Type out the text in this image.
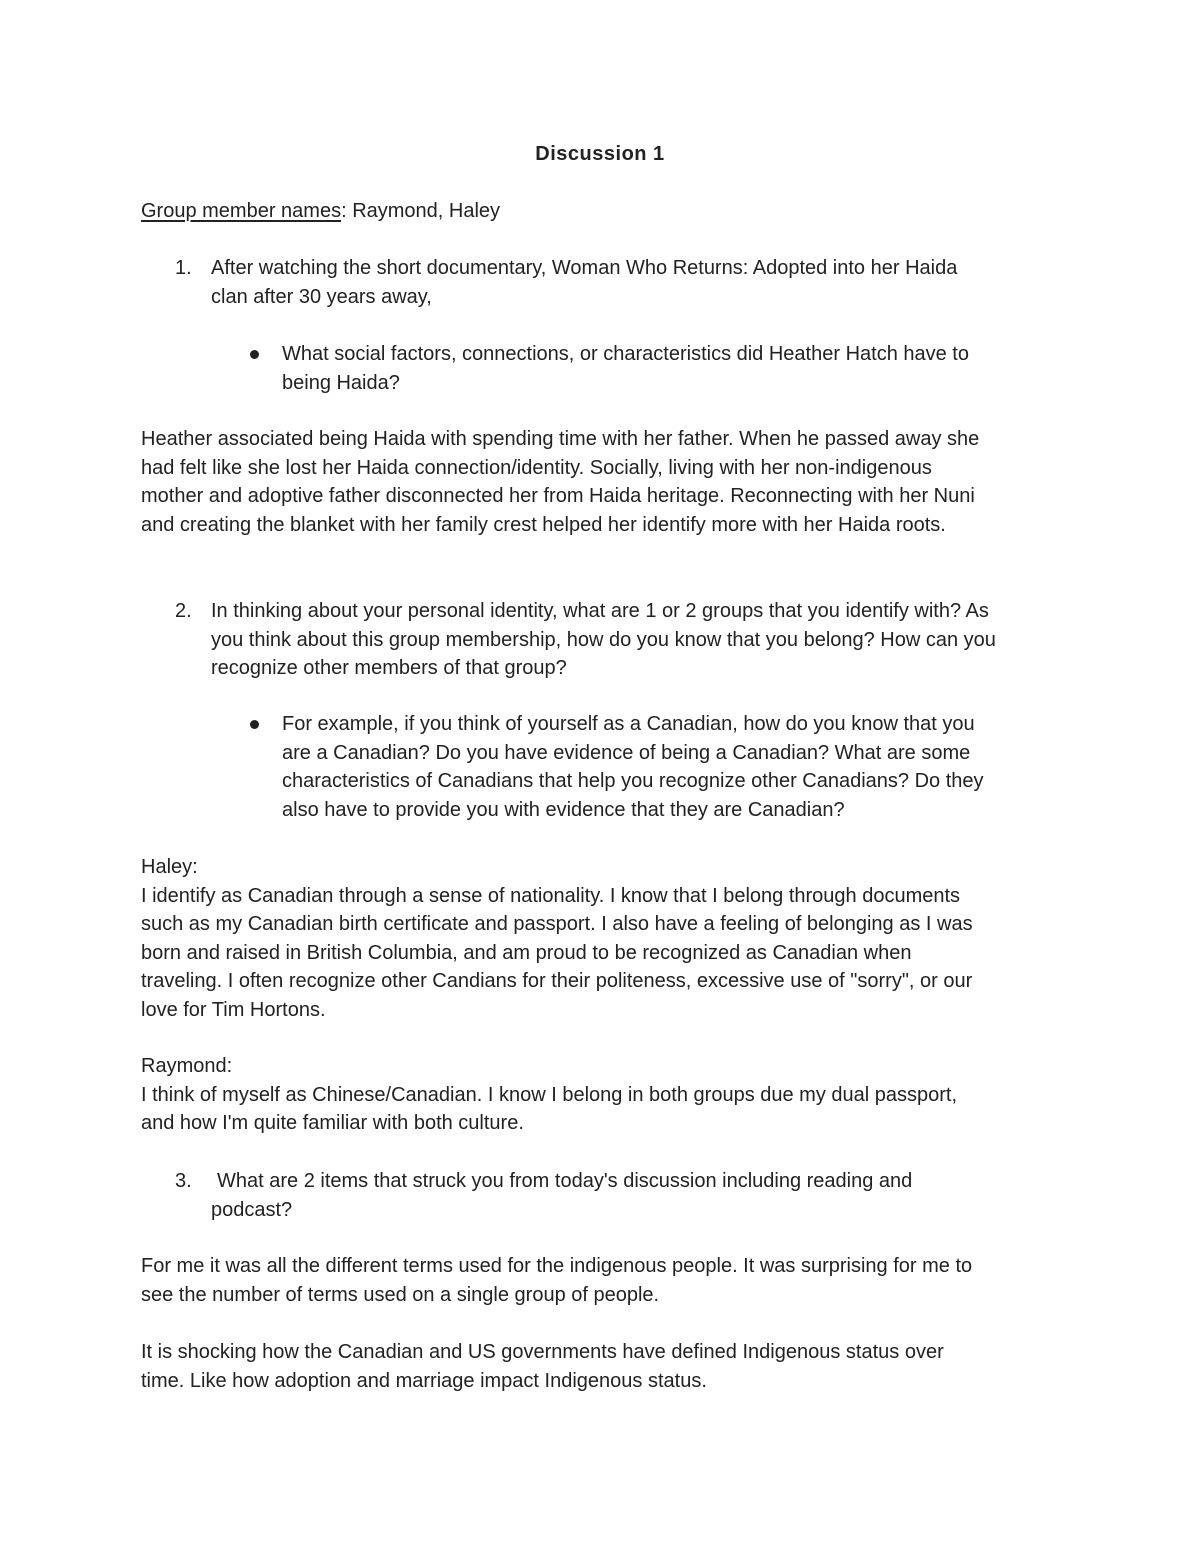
Discussion 1
Group member names: Raymond, Haley
1. After watching the short documentary, Woman Who Returns: Adopted into her Haida
clan after 30 years away,
What social factors, connections, or characteristics did Heather Hatch have to
being Haida?
Heather associated being Haida with spending time with her father. When he passed away she
had felt like she lost her Haida connection/identity. Socially, living with her non-indigenous
mother and adoptive father disconnected her from Haida heritage. Reconnecting with her Nuni
and creating the blanket with her family crest helped her identify more with her Haida roots.
2. In thinking about your personal identity, what are 1 or 2 groups that you identify with? As
you think about this group membership, how do you know that you belong? How can you
recognize other members of that group?
For example, if you think of yourself as a Canadian, how do you know that you
are a Canadian? Do you have evidence of being a Canadian? What are some
characteristics of Canadians that help you recognize other Canadians? Do they
also have to provide you with evidence that they are Canadian?
Haley:
I identify as Canadian through a sense of nationality. I know that I belong through documents
such as my Canadian birth certificate and passport. I also have a feeling of belonging as I was
born and raised in British Columbia, and am proud to be recognized as Canadian when
traveling. I often recognize other Candians for their politeness, excessive use of "sorry", or our
love for Tim Hortons.
Raymond:
I think of myself as Chinese/Canadian. I know I belong in both groups due my dual passport,
and how I'm quite familiar with both culture.
3.	What are 2 items that struck you from today's discussion including reading and
podcast?
For me it was all the different terms used for the indigenous people. It was surprising for me to
see the number of terms used on a single group of people.
It is shocking how the Canadian and US governments have defined Indigenous status over
time. Like how adoption and marriage impact Indigenous status.
